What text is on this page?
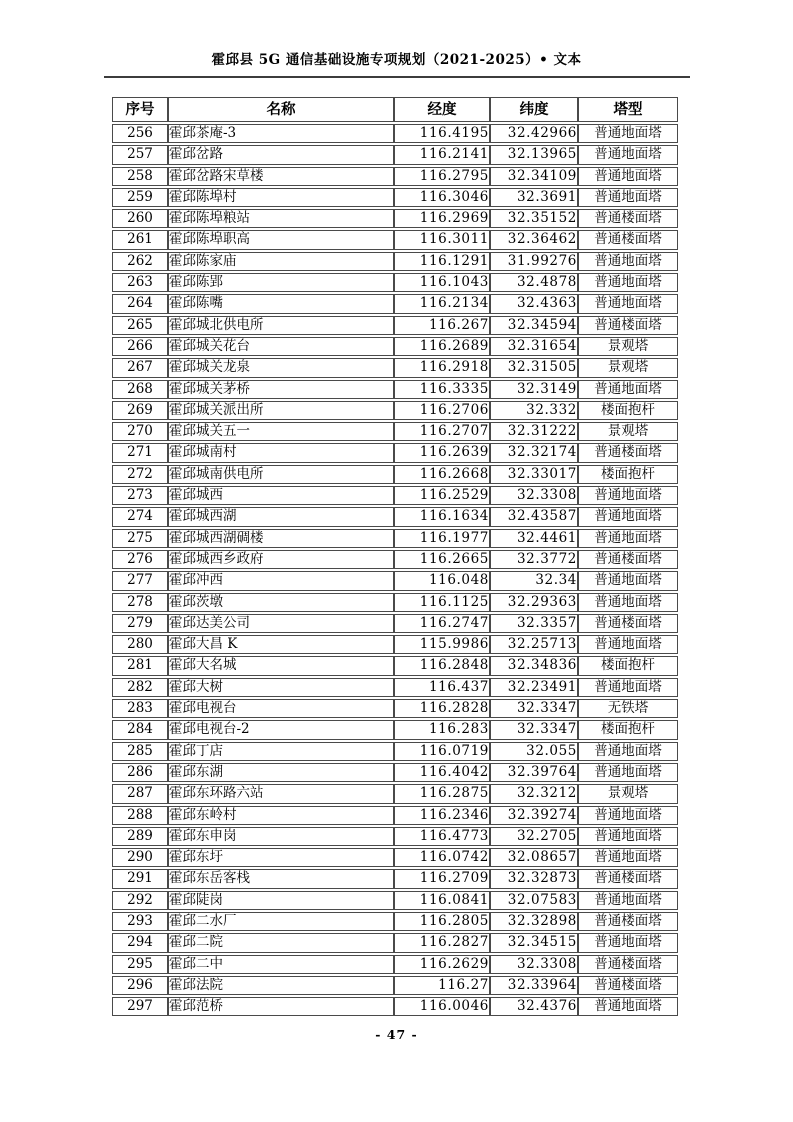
霍邱县 5G 通信基础设施专项规划（2021-2025）• 文本
序号	名称	经度	纬度	塔型
256	霍邱茶庵-3	116.4195	32.42966	普通地面塔
257	霍邱岔路	116.2141	32.13965	普通地面塔
258	霍邱岔路宋草楼	116.2795	32.34109	普通地面塔
259	霍邱陈埠村	116.3046	32.3691	普通地面塔
260	霍邱陈埠粮站	116.2969	32.35152	普通楼面塔
261	霍邱陈埠职高	116.3011	32.36462	普通楼面塔
262	霍邱陈家庙	116.1291	31.99276	普通地面塔
263	霍邱陈郢	116.1043	32.4878	普通地面塔
264	霍邱陈嘴	116.2134	32.4363	普通地面塔
265	霍邱城北供电所	116.267	32.34594	普通楼面塔
266	霍邱城关花台	116.2689	32.31654	景观塔
267	霍邱城关龙泉	116.2918	32.31505	景观塔
268	霍邱城关茅桥	116.3335	32.3149	普通地面塔
269	霍邱城关派出所	116.2706	32.332	楼面抱杆
270	霍邱城关五一	116.2707	32.31222	景观塔
271	霍邱城南村	116.2639	32.32174	普通楼面塔
272	霍邱城南供电所	116.2668	32.33017	楼面抱杆
273	霍邱城西	116.2529	32.3308	普通地面塔
274	霍邱城西湖	116.1634	32.43587	普通地面塔
275	霍邱城西湖碉楼	116.1977	32.4461	普通地面塔
276	霍邱城西乡政府	116.2665	32.3772	普通楼面塔
277	霍邱冲西	116.048	32.34	普通地面塔
278	霍邱茨墩	116.1125	32.29363	普通地面塔
279	霍邱达美公司	116.2747	32.3357	普通楼面塔
280	霍邱大昌 K	115.9986	32.25713	普通地面塔
281	霍邱大名城	116.2848	32.34836	楼面抱杆
282	霍邱大树	116.437	32.23491	普通地面塔
283	霍邱电视台	116.2828	32.3347	无铁塔
284	霍邱电视台-2	116.283	32.3347	楼面抱杆
285	霍邱丁店	116.0719	32.055	普通地面塔
286	霍邱东湖	116.4042	32.39764	普通地面塔
287	霍邱东环路六站	116.2875	32.3212	景观塔
288	霍邱东岭村	116.2346	32.39274	普通地面塔
289	霍邱东申岗	116.4773	32.2705	普通地面塔
290	霍邱东圩	116.0742	32.08657	普通地面塔
291	霍邱东岳客栈	116.2709	32.32873	普通楼面塔
292	霍邱陡岗	116.0841	32.07583	普通地面塔
293	霍邱二水厂	116.2805	32.32898	普通楼面塔
294	霍邱二院	116.2827	32.34515	普通地面塔
295	霍邱二中	116.2629	32.3308	普通楼面塔
296	霍邱法院	116.27	32.33964	普通楼面塔
297	霍邱范桥	116.0046	32.4376	普通地面塔
- 47 -
